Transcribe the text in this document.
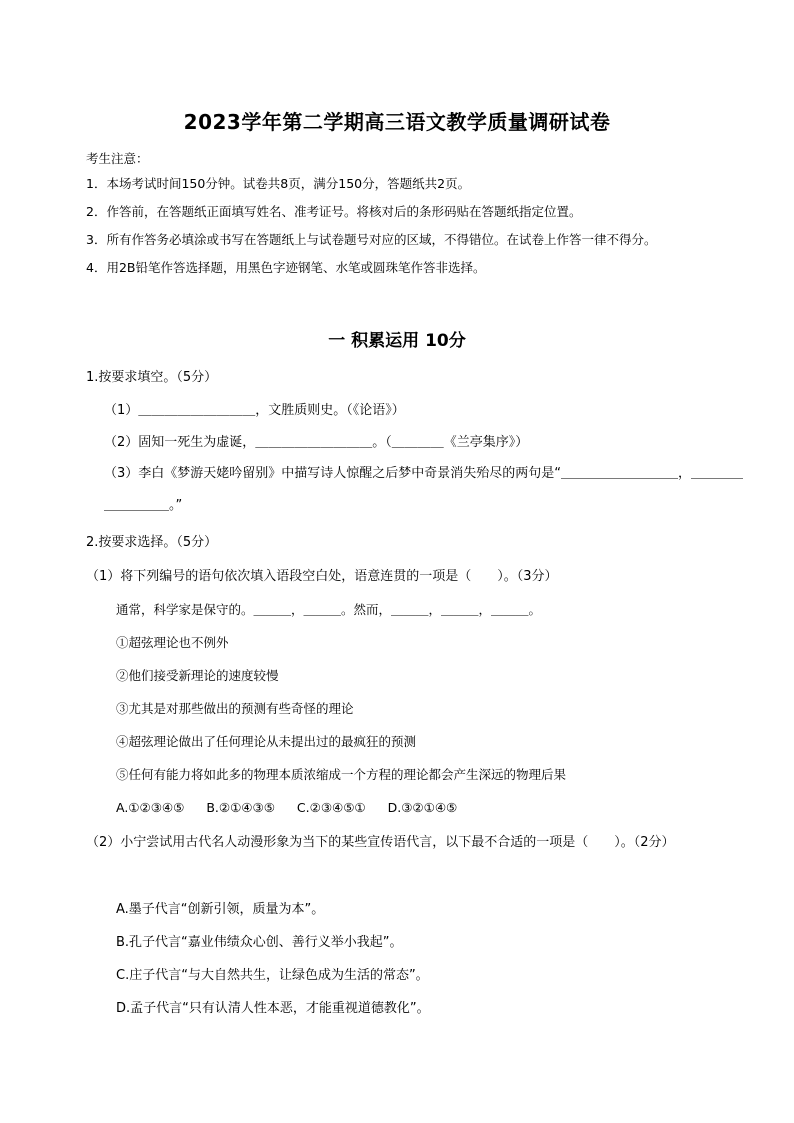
2023学年第二学期高三语文教学质量调研试卷
考生注意：
1．本场考试时间150分钟。试卷共8页，满分150分，答题纸共2页。
2．作答前，在答题纸正面填写姓名、准考证号。将核对后的条形码贴在答题纸指定位置。
3．所有作答务必填涂或书写在答题纸上与试卷题号对应的区域，不得错位。在试卷上作答一律不得分。
4．用2B铅笔作答选择题，用黑色字迹钢笔、水笔或圆珠笔作答非选择。
一 积累运用 10分
1.按要求填空。（5分）
（1）＿＿＿＿＿＿＿＿＿，文胜质则史。（《论语》）
（2）固知一死生为虚诞，＿＿＿＿＿＿＿＿＿。（＿＿＿＿《兰亭集序》）
（3）李白《梦游天姥吟留别》中描写诗人惊醒之后梦中奇景消失殆尽的两句是“＿＿＿＿＿＿＿＿＿，＿＿＿＿＿＿＿＿＿。”
2.按要求选择。（5分）
（1）将下列编号的语句依次填入语段空白处，语意连贯的一项是（　　）。（3分）
通常，科学家是保守的。＿＿＿，＿＿＿。然而，＿＿＿，＿＿＿，＿＿＿。
①超弦理论也不例外
②他们接受新理论的速度较慢
③尤其是对那些做出的预测有些奇怪的理论
④超弦理论做出了任何理论从未提出过的最疯狂的预测
⑤任何有能力将如此多的物理本质浓缩成一个方程的理论都会产生深远的物理后果
A.①②③④⑤ B.②①④③⑤ C.②③④⑤① D.③②①④⑤
（2）小宁尝试用古代名人动漫形象为当下的某些宣传语代言，以下最不合适的一项是（　　）。（2分）
A.墨子代言“创新引领，质量为本”。
B.孔子代言“嘉业伟绩众心创、善行义举小我起”。
C.庄子代言“与大自然共生，让绿色成为生活的常态”。
D.孟子代言“只有认清人性本恶，才能重视道德教化”。
